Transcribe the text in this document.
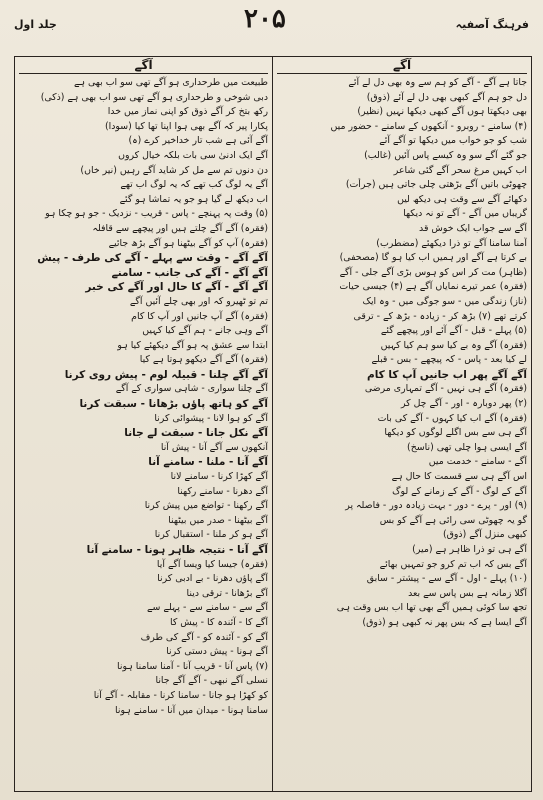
جلد اول	۲۰۵	فرہنگ آصفیہ
آگے
طبیعت میں طرحداری ہو آگے تھی سو اب بھی ہے
دبی شوخی و طرحداری ہو آگے تھی سو اب بھی ہے (ذکی)
رکھ بتخ کر آگے ذوق کو اپنی نماز میں خدا
پکارا پیر کہ آگے بھی ہوا اپنا تھا کیا (سودا)
آگے آئی ہے شب تار خداخیر کرے (ہ)
آگے ایک ادنیٰ سی بات بلکہ خیال کروں
دن دنوں تم سے مل کر شاید آگے رہیں (نیر خاں)
آگے یہ لوگ کب تھے کہ یہ لوگ اب تھے
اب دیکھ لے گیا ہو جو یہ تماشا ہو گئے
(۵) وقت پہ پہنچے - پاس - قریب - نزدیک - جو ہو چکا ہو
(فقرہ) آگے آگے چلتے ہیں اور پیچھے سے قافلہ
(فقرہ) آپ کو آگے بیٹھنا ہو آگے بڑھ جائیے
آگے آگے - وقت سے پہلے - آگے کی طرف - پیش
آگے آگے - آگے کی جانب - سامنے
آگے آگے - آگے کا حال اور آگے کی خبر
تم تو ٹھیرو کہ اور بھی چلے آئیں آگے
(فقرہ) آگے آپ جانیں اور آپ کا کام
آگے وہی جانے - ہم آگے کیا کہیں
ابتدا سے عشق پہ ہو آگے دیکھئے کیا ہو
(فقرہ) آگے آگے دیکھو ہوتا ہے کیا
آگے آگے چلنا - قبیلہ لوم - پیش روی کرنا
آگے چلنا سواری - شاہی سواری کے آگے
آگے کو ہاتھ پاؤں بڑھانا - سبقت کرنا
آگے کو ہوا لانا - پیشوائی کرنا
آگے نکل جانا - سبقت لے جانا
آنکھوں سے آگے آنا - پیش آنا
آگے آنا - ملنا - سامنے آنا
آگے کھڑا کرنا - سامنے لانا
آگے دھرنا - سامنے رکھنا
آگے رکھنا - تواضع میں پیش کرنا
آگے بیٹھنا - صدر میں بیٹھنا
آگے ہو کر ملنا - استقبال کرنا
آگے آنا - نتیجہ ظاہر ہونا - سامنے آنا
(فقرہ) جیسا کیا ویسا آگے آیا
آگے پاؤں دھرنا - بے ادبی کرنا
آگے بڑھانا - ترقی دینا
آگے سے - سامنے سے - پہلے سے
آگے کا - آئندہ کا - پیش کا
آگے کو - آئندہ کو - آگے کی طرف
آگے ہونا - پیش دستی کرنا
(۷) پاس آنا - قریب آنا - آمنا سامنا ہونا
نسلی آگے نبھی - آگے آگے جانا
کو کھڑا ہو جانا - سامنا کرنا - مقابلہ - آگے آنا
سامنا ہونا - میدان میں آنا - سامنے ہونا
آگے
جاتا ہے آگے - آگے کو ہم سے وہ بھی دل لے آئے
دل جو ہم آگے کبھی بھی دل لے آئے (ذوق)
بھی دیکھتا ہوں آگے کبھی دیکھا نہیں (نظیر)
(۴) سامنے - روبرو - آنکھوں کے سامنے - حضور میں
شب کو جو خواب میں دیکھا تو آگے آئے
جو گئے آگے سو وہ کیسے پاس آئیں (غالب)
اب کہیں مرغ سحر آگے گئی شاعر
چھوٹی باتیں آگے بڑھتی چلی جاتی ہیں (جرأت)
دکھائے آگے سے وقت ہی دیکھ لیں
گریباں میں آگے - آگے تو نہ دیکھا
آگے سے جواب ایک خوش قد
آمنا سامنا آگے تو ذرا دیکھئے (مضطرب)
بے کرتا ہے آگے اور ہمیں اب کیا ہو گا (مصحفی)
(ظاہر) مت کر اس کو ہوس بڑی آگے جلی - آگے
(فقرہ) عمر تیرے نمایاں آگے ہے (۴) جیسی حیات
(ناز) زندگی میں - سو جوگی میں - وہ ایک
کرتے تھے (۷) بڑھ کر - زیادہ - بڑھ کے - ترقی
(۵) پہلے - قبل - آگے آئے اور پیچھے گئے
(فقرہ) آگے وہ بے کیا سو ہم کیا کہیں
لے کیا بعد - پاس - کہ پیچھے - بس - قبلے
آگے آگے پھر اب جانیں آپ کا کام
(فقرہ) آگے ہی نہیں - آگے تمہاری مرضی
(۲) پھر دوبارہ - اور - آگے چل کر
(فقرہ) آگے اب کیا کہوں - آگے کی بات
آگے ہی سے بس اگلے لوگوں کو دیکھا
آگے ایسی ہوا چلی تھی (ناسخ)
آگے - سامنے - خدمت میں
اس آگے ہی سے قسمت کا حال ہے
آگے کے لوگ - آگے کے زمانے کے لوگ
(۹) اور - پرے - دور - بہت زیادہ دور - فاصلہ پر
گو یہ چھوٹی سی رائی ہے آگے کو بس
کبھی منزل آگے (ذوق)
آگے ہی تو ذرا ظاہر ہے (میر)
آگے بس کہ اب تم کرو جو تمہیں بھائے
(۱۰) پہلے - اول - آگے سے - پیشتر - سابق
آگلا زمانہ ہے بس پاس سے بعد
تجھ سا کوئی ہمیں آگے بھی تھا اب بس وقت ہی
آگے ایسا ہے کہ بس پھر نہ کبھی ہو (ذوق)
